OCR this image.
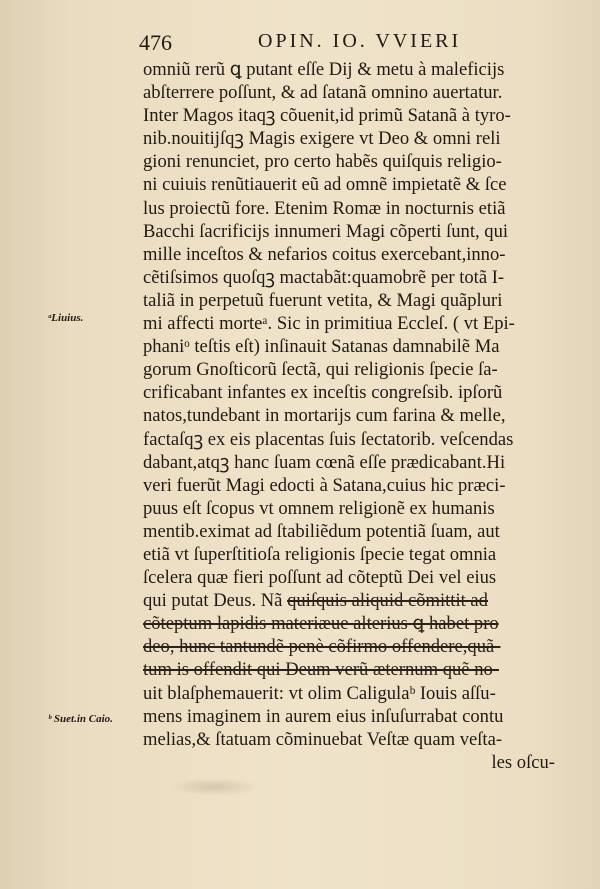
476	OPIN. IO. VVIERI
ᵃLiuius.
ᵇ Suet.in Caio.
omniũ rerũ ꝗ putant eſſe Dij & metu à maleficijs
abſterrere poſſunt, & ad ſatanã omnino auertatur.
Inter Magos itaqꝫ cõuenit,id primũ Satanã à tyro-
nib.nouitijſqꝫ Magis exigere vt Deo & omni reli
gioni renunciet, pro certo habẽs quiſquis religio-
ni cuiuis renũtiauerit eũ ad omnẽ impietatẽ & ſce
lus proiectũ fore. Etenim Romæ in nocturnis etiã
Bacchi ſacrificijs innumeri Magi cõperti ſunt, qui
mille inceſtos & nefarios coitus exercebant,inno-
cẽtiſsimos quoſqꝫ mactabãt:quamobrẽ per totã I-
taliã in perpetuũ fuerunt vetita, & Magi quãpluri
mi affecti morteᵃ. Sic in primitiua Eccleſ. ( vt Epi-
phaniᵒ teſtis eſt) inſinauit Satanas damnabilẽ Ma
gorum Gnoſticorũ ſectã, qui religionis ſpecie ſa-
crificabant infantes ex inceſtis congreſsib. ipſorũ
natos,tundebant in mortarijs cum farina & melle,
factaſqꝫ ex eis placentas ſuis ſectatorib. veſcendas
dabant,atqꝫ hanc ſuam cœnã eſſe prædicabant.Hi
veri fuerũt Magi edocti à Satana,cuius hic præci-
puus eſt ſcopus vt omnem religionẽ ex humanis
mentib.eximat ad ſtabiliẽdum potentiã ſuam, aut
etiã vt ſuperſtitioſa religionis ſpecie tegat omnia
ſcelera quæ fieri poſſunt ad cõteptũ Dei vel eius
qui putat Deus. Nã quiſquis aliquid cõmittit ad
cõteptum lapidis materiæue alterius ꝗ habet pro
deo, hunc tantundẽ penè cõfirmo offendere,quã-
tum is offendit qui Deum verũ æternum quẽ no-
uit blaſphemauerit: vt olim Caligulaᵇ Iouis aſſu-
mens imaginem in aurem eius inſuſurrabat contu
melias,& ſtatuam cõminuebat Veſtæ quam veſta-
les oſcu-
